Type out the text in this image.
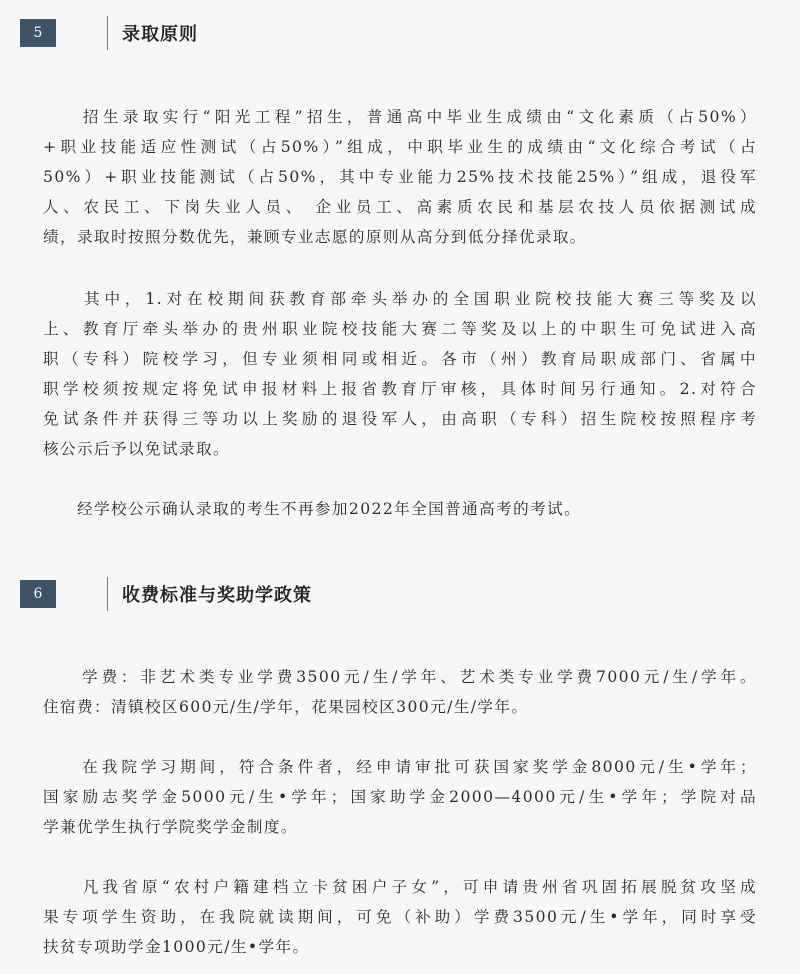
5	录取原则

　　招生录取实行“阳光工程”招生，普通高中毕业生成绩由“文化素质（占50%）
+职业技能适应性测试（占50%）”组成，中职毕业生的成绩由“文化综合考试（占
50%）+职业技能测试（占50%，其中专业能力25%技术技能25%）”组成，退役军
人、农民工、下岗失业人员、 企业员工、高素质农民和基层农技人员依据测试成
绩，录取时按照分数优先，兼顾专业志愿的原则从高分到低分择优录取。

　　其中，1.对在校期间获教育部牵头举办的全国职业院校技能大赛三等奖及以
上、教育厅牵头举办的贵州职业院校技能大赛二等奖及以上的中职生可免试进入高
职（专科）院校学习，但专业须相同或相近。各市（州）教育局职成部门、省属中
职学校须按规定将免试申报材料上报省教育厅审核，具体时间另行通知。2.对符合
免试条件并获得三等功以上奖励的退役军人，由高职（专科）招生院校按照程序考
核公示后予以免试录取。

　　经学校公示确认录取的考生不再参加2022年全国普通高考的考试。

6	收费标准与奖助学政策

　　学费：非艺术类专业学费3500元/生/学年、艺术类专业学费7000元/生/学年。
住宿费：清镇校区600元/生/学年，花果园校区300元/生/学年。

　　在我院学习期间，符合条件者，经申请审批可获国家奖学金8000元/生•学年；
国家励志奖学金5000元/生•学年；国家助学金2000—4000元/生•学年；学院对品
学兼优学生执行学院奖学金制度。

　　凡我省原“农村户籍建档立卡贫困户子女”，可申请贵州省巩固拓展脱贫攻坚成
果专项学生资助，在我院就读期间，可免（补助）学费3500元/生•学年，同时享受
扶贫专项助学金1000元/生•学年。
